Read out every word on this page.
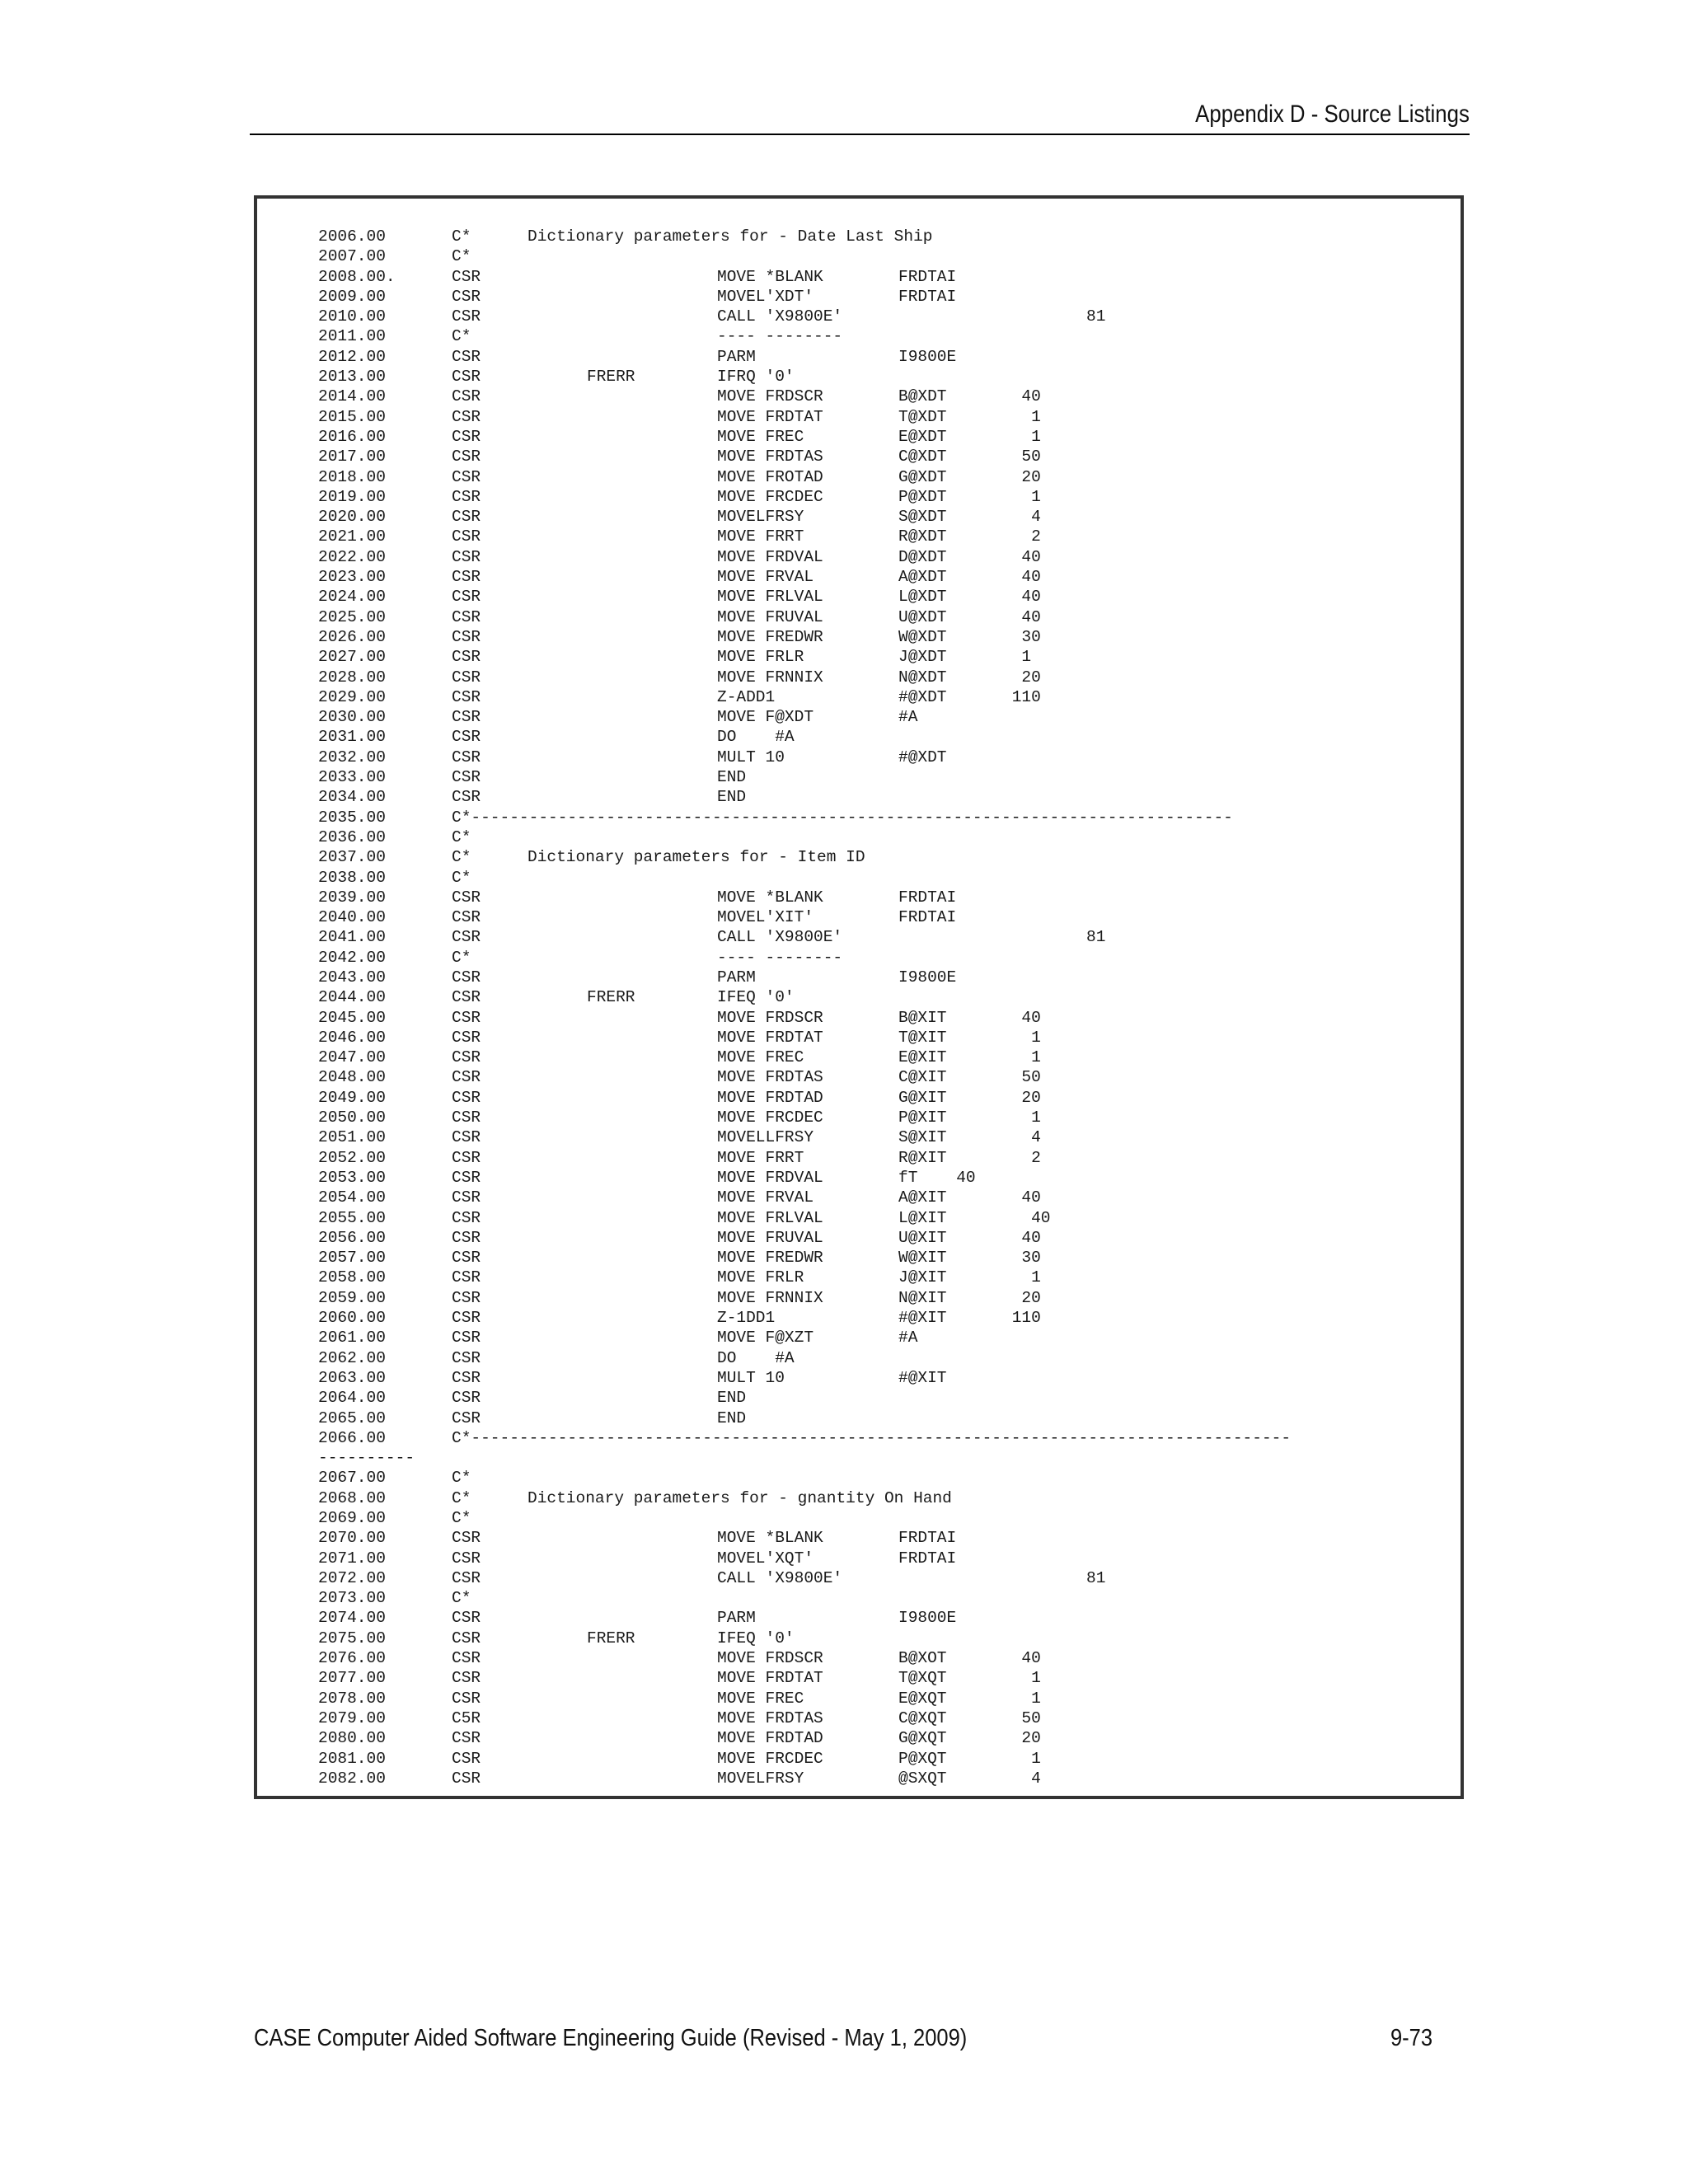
Appendix D - Source Listings
2006.00	C*	Dictionary parameters for - Date Last Ship
2007.00	C*
2008.00.	CSR	MOVE *BLANK	FRDTAI
2009.00	CSR	MOVEL'XDT'	FRDTAI
2010.00	CSR	CALL 'X9800E'	81
2011.00	C*	---- --------
2012.00	CSR	PARM	I9800E
2013.00	CSR	FRERR	IFRQ '0'
2014.00	CSR	MOVE FRDSCR	B@XDT	40
2015.00	CSR	MOVE FRDTAT	T@XDT	1
2016.00	CSR	MOVE FREC	E@XDT	1
2017.00	CSR	MOVE FRDTAS	C@XDT	50
2018.00	CSR	MOVE FROTAD	G@XDT	20
2019.00	CSR	MOVE FRCDEC	P@XDT	1
2020.00	CSR	MOVELFRSY	S@XDT	4
2021.00	CSR	MOVE FRRT	R@XDT	2
2022.00	CSR	MOVE FRDVAL	D@XDT	40
2023.00	CSR	MOVE FRVAL	A@XDT	40
2024.00	CSR	MOVE FRLVAL	L@XDT	40
2025.00	CSR	MOVE FRUVAL	U@XDT	40
2026.00	CSR	MOVE FREDWR	W@XDT	30
2027.00	CSR	MOVE FRLR	J@XDT	1
2028.00	CSR	MOVE FRNNIX	N@XDT	20
2029.00	CSR	Z-ADD1	#@XDT	110
2030.00	CSR	MOVE F@XDT	#A
2031.00	CSR	DO    #A
2032.00	CSR	MULT 10	#@XDT
2033.00	CSR	END
2034.00	CSR	END
2035.00	C*-------------------------------------------------------------------------------
2036.00	C*
2037.00	C*	Dictionary parameters for - Item ID
2038.00	C*
2039.00	CSR	MOVE *BLANK	FRDTAI
2040.00	CSR	MOVEL'XIT'	FRDTAI
2041.00	CSR	CALL 'X9800E'	81
2042.00	C*	---- --------
2043.00	CSR	PARM	I9800E
2044.00	CSR	FRERR	IFEQ '0'
2045.00	CSR	MOVE FRDSCR	B@XIT	40
2046.00	CSR	MOVE FRDTAT	T@XIT	1
2047.00	CSR	MOVE FREC	E@XIT	1
2048.00	CSR	MOVE FRDTAS	C@XIT	50
2049.00	CSR	MOVE FRDTAD	G@XIT	20
2050.00	CSR	MOVE FRCDEC	P@XIT	1
2051.00	CSR	MOVELLFRSY	S@XIT	4
2052.00	CSR	MOVE FRRT	R@XIT	2
2053.00	CSR	MOVE FRDVAL	fT    40
2054.00	CSR	MOVE FRVAL	A@XIT	40
2055.00	CSR	MOVE FRLVAL	L@XIT	40
2056.00	CSR	MOVE FRUVAL	U@XIT	40
2057.00	CSR	MOVE FREDWR	W@XIT	30
2058.00	CSR	MOVE FRLR	J@XIT	1
2059.00	CSR	MOVE FRNNIX	N@XIT	20
2060.00	CSR	Z-1DD1	#@XIT	110
2061.00	CSR	MOVE F@XZT	#A
2062.00	CSR	DO    #A
2063.00	CSR	MULT 10	#@XIT
2064.00	CSR	END
2065.00	CSR	END
2066.00	C*-------------------------------------------------------------------------------------
----------
2067.00	C*
2068.00	C*	Dictionary parameters for - gnantity On Hand
2069.00	C*
2070.00	CSR	MOVE *BLANK	FRDTAI
2071.00	CSR	MOVEL'XQT'	FRDTAI
2072.00	CSR	CALL 'X9800E'	81
2073.00	C*
2074.00	CSR	PARM	I9800E
2075.00	CSR	FRERR	IFEQ '0'
2076.00	CSR	MOVE FRDSCR	B@XOT	40
2077.00	CSR	MOVE FRDTAT	T@XQT	1
2078.00	CSR	MOVE FREC	E@XQT	1
2079.00	C5R	MOVE FRDTAS	C@XQT	50
2080.00	CSR	MOVE FRDTAD	G@XQT	20
2081.00	CSR	MOVE FRCDEC	P@XQT	1
2082.00	CSR	MOVELFRSY	@SXQT	4
CASE Computer Aided Software Engineering Guide (Revised - May 1, 2009)	9-73
